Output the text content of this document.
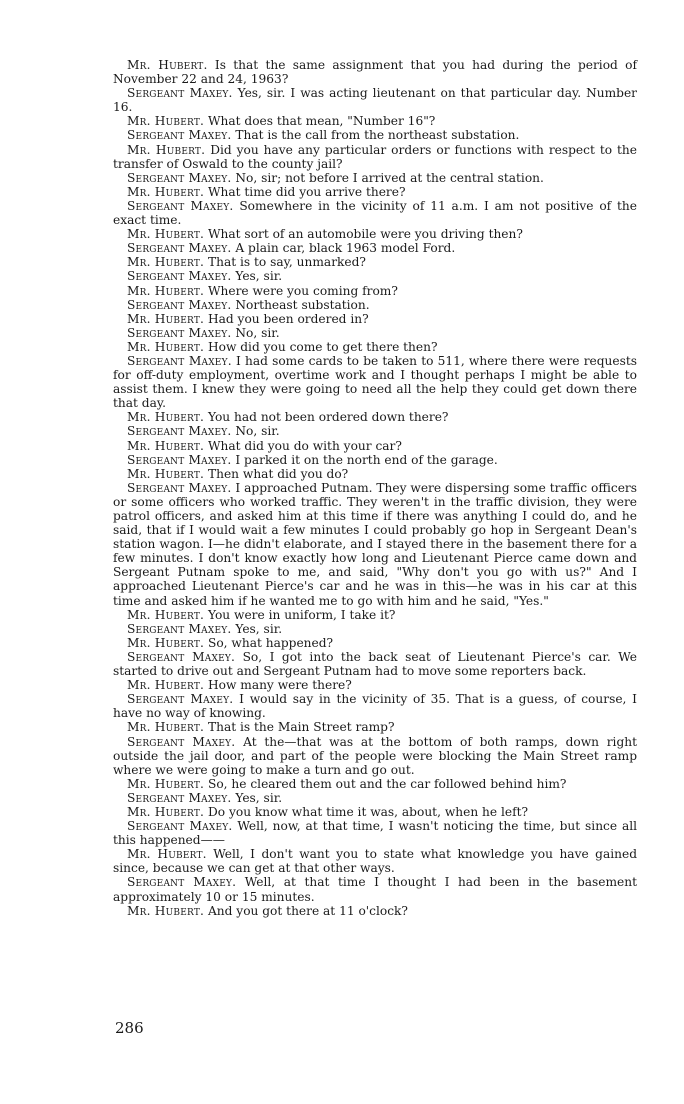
Mr. Hubert. Is that the same assignment that you had during the period of November 22 and 24, 1963?

Sergeant Maxey. Yes, sir. I was acting lieutenant on that particular day. Number 16.

Mr. Hubert. What does that mean, "Number 16"?

Sergeant Maxey. That is the call from the northeast substation.

Mr. Hubert. Did you have any particular orders or functions with respect to the transfer of Oswald to the county jail?

Sergeant Maxey. No, sir; not before I arrived at the central station.

Mr. Hubert. What time did you arrive there?

Sergeant Maxey. Somewhere in the vicinity of 11 a.m. I am not positive of the exact time.

Mr. Hubert. What sort of an automobile were you driving then?

Sergeant Maxey. A plain car, black 1963 model Ford.

Mr. Hubert. That is to say, unmarked?

Sergeant Maxey. Yes, sir.

Mr. Hubert. Where were you coming from?

Sergeant Maxey. Northeast substation.

Mr. Hubert. Had you been ordered in?

Sergeant Maxey. No, sir.

Mr. Hubert. How did you come to get there then?

Sergeant Maxey. I had some cards to be taken to 511, where there were requests for off-duty employment, overtime work and I thought perhaps I might be able to assist them. I knew they were going to need all the help they could get down there that day.

Mr. Hubert. You had not been ordered down there?

Sergeant Maxey. No, sir.

Mr. Hubert. What did you do with your car?

Sergeant Maxey. I parked it on the north end of the garage.

Mr. Hubert. Then what did you do?

Sergeant Maxey. I approached Putnam. They were dispersing some traffic officers or some officers who worked traffic. They weren't in the traffic division, they were patrol officers, and asked him at this time if there was anything I could do, and he said, that if I would wait a few minutes I could probably go hop in Sergeant Dean's station wagon. I—he didn't elaborate, and I stayed there in the basement there for a few minutes. I don't know exactly how long and Lieutenant Pierce came down and Sergeant Putnam spoke to me, and said, "Why don't you go with us?" And I approached Lieutenant Pierce's car and he was in this—he was in his car at this time and asked him if he wanted me to go with him and he said, "Yes."

Mr. Hubert. You were in uniform, I take it?

Sergeant Maxey. Yes, sir.

Mr. Hubert. So, what happened?

Sergeant Maxey. So, I got into the back seat of Lieutenant Pierce's car. We started to drive out and Sergeant Putnam had to move some reporters back.

Mr. Hubert. How many were there?

Sergeant Maxey. I would say in the vicinity of 35. That is a guess, of course, I have no way of knowing.

Mr. Hubert. That is the Main Street ramp?

Sergeant Maxey. At the—that was at the bottom of both ramps, down right outside the jail door, and part of the people were blocking the Main Street ramp where we were going to make a turn and go out.

Mr. Hubert. So, he cleared them out and the car followed behind him?

Sergeant Maxey. Yes, sir.

Mr. Hubert. Do you know what time it was, about, when he left?

Sergeant Maxey. Well, now, at that time, I wasn't noticing the time, but since all this happened——

Mr. Hubert. Well, I don't want you to state what knowledge you have gained since, because we can get at that other ways.

Sergeant Maxey. Well, at that time I thought I had been in the basement approximately 10 or 15 minutes.

Mr. Hubert. And you got there at 11 o'clock?

286
